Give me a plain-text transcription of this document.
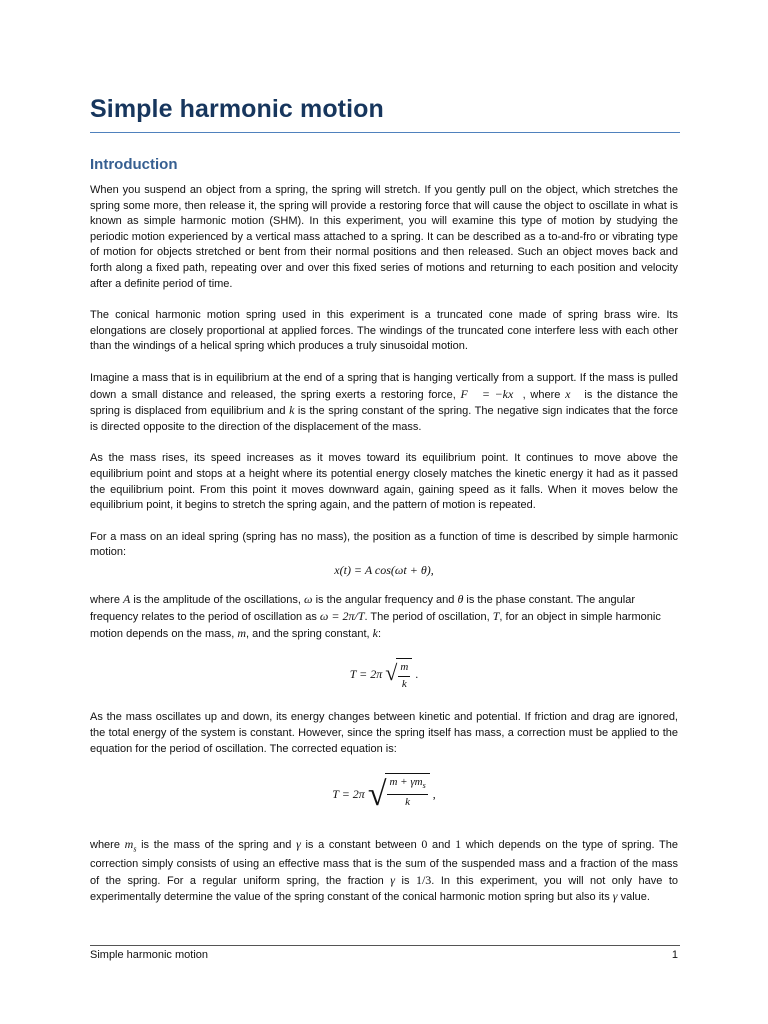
Simple harmonic motion
Introduction

When you suspend an object from a spring, the spring will stretch. If you gently pull on the object, which stretches the spring some more, then release it, the spring will provide a restoring force that will cause the object to oscillate in what is known as simple harmonic motion (SHM). In this experiment, you will examine this type of motion by studying the periodic motion experienced by a vertical mass attached to a spring. It can be described as a to-and-fro or vibrating type of motion for objects stretched or bent from their normal positions and then released. Such an object moves back and forth along a fixed path, repeating over and over this fixed series of motions and returning to each position and velocity after a definite period of time.

The conical harmonic motion spring used in this experiment is a truncated cone made of spring brass wire. Its elongations are closely proportional at applied forces. The windings of the truncated cone interfere less with each other than the windings of a helical spring which produces a truly sinusoidal motion.

Imagine a mass that is in equilibrium at the end of a spring that is hanging vertically from a support. If the mass is pulled down a small distance and released, the spring exerts a restoring force, F⃗ = −kx⃗, where x⃗ is the distance the spring is displaced from equilibrium and k is the spring constant of the spring. The negative sign indicates that the force is directed opposite to the direction of the displacement of the mass.

As the mass rises, its speed increases as it moves toward its equilibrium point. It continues to move above the equilibrium point and stops at a height where its potential energy closely matches the kinetic energy it had as it passed the equilibrium point. From this point it moves downward again, gaining speed as it falls. When it moves below the equilibrium point, it begins to stretch the spring again, and the pattern of motion is repeated.

For a mass on an ideal spring (spring has no mass), the position as a function of time is described by simple harmonic motion:

x(t) = A cos(ωt + θ),

where A is the amplitude of the oscillations, ω is the angular frequency and θ is the phase constant. The angular frequency relates to the period of oscillation as ω = 2π/T. The period of oscillation, T, for an object in simple harmonic motion depends on the mass, m, and the spring constant, k:

T = 2π √ $\frac{m}{k}$ .

As the mass oscillates up and down, its energy changes between kinetic and potential. If friction and drag are ignored, the total energy of the system is constant. However, since the spring itself has mass, a correction must be applied to the equation for the period of oscillation. The corrected equation is:

T = 2π √ $\frac{m + \gamma m_s}{k}$ ,

where $m_s$ is the mass of the spring and γ is a constant between 0 and 1 which depends on the type of spring. The correction simply consists of using an effective mass that is the sum of the suspended mass and a fraction of the mass of the spring. For a regular uniform spring, the fraction γ is 1/3. In this experiment, you will not only have to experimentally determine the value of the spring constant of the conical harmonic motion spring but also its γ value.

Simple harmonic motion	1
